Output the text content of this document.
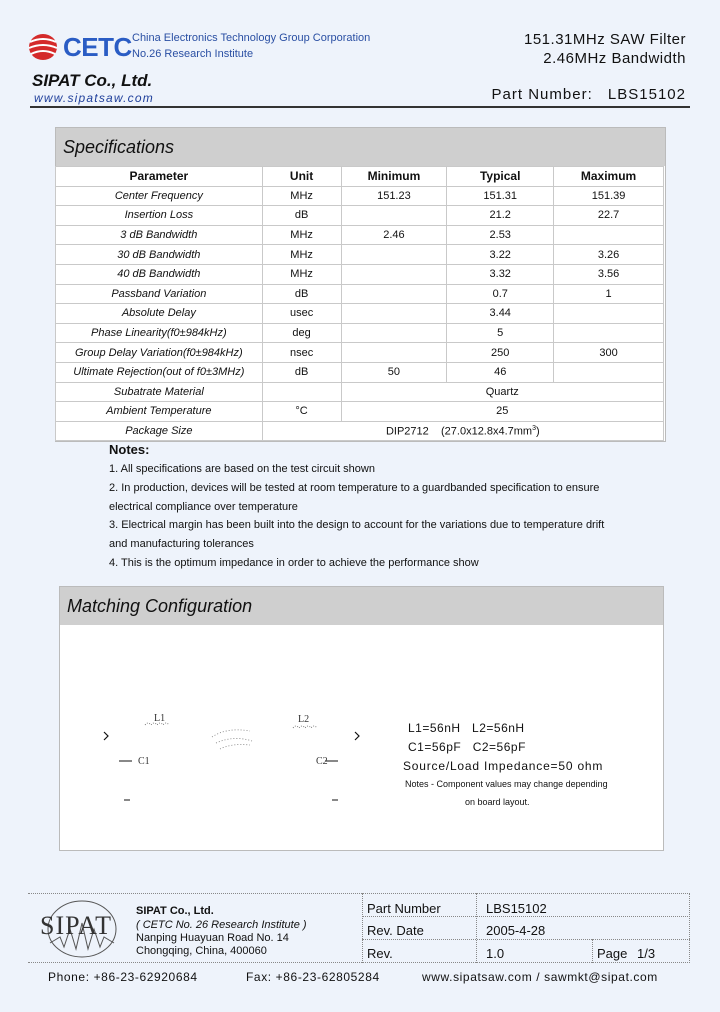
CETC China Electronics Technology Group Corporation
No.26 Research Institute
151.31MHz SAW Filter
2.46MHz Bandwidth
SIPAT Co., Ltd.
www.sipatsaw.com	Part Number: LBS15102
Specifications
Parameter	Unit	Minimum	Typical	Maximum
Center Frequency	MHz	151.23	151.31	151.39
Insertion Loss	dB		21.2	22.7
3 dB Bandwidth	MHz	2.46	2.53	
30 dB Bandwidth	MHz		3.22	3.26
40 dB Bandwidth	MHz		3.32	3.56
Passband Variation	dB		0.7	1
Absolute Delay	usec		3.44	
Phase Linearity(f0±984kHz)	deg		5	
Group Delay Variation(f0±984kHz)	nsec		250	300
Ultimate Rejection(out of f0±3MHz)	dB	50	46	
Subatrate Material		Quartz		
Ambient Temperature	°C	25		
Package Size	DIP2712    $(27.0x12.8x4.7mm^3)$			
Notes:
1. All specifications are based on the test circuit shown
2. In production, devices will be tested at room temperature to a guardbanded specification to ensure
electrical compliance over temperature
3. Electrical margin has been built into the design to account for the variations due to temperature drift
and manufacturing tolerances
4. This is the optimum impedance in order to achieve the performance show
Matching Configuration
L1	L2
C1	C2
L1=56nH   L2=56nH
C1=56pF   C2=56pF
Source/Load Impedance=50 ohm
Notes - Component values may change depending
on board layout.
SIPAT SIPAT Co., Ltd.
( CETC No. 26 Research Institute )
Nanping Huayuan Road No. 14
Chongqing, China, 400060
Part Number	LBS15102
Rev. Date	2005-4-28
Rev.	1.0	Page 1/3
Phone: +86-23-62920684	Fax: +86-23-62805284	www.sipatsaw.com / sawmkt@sipat.com
